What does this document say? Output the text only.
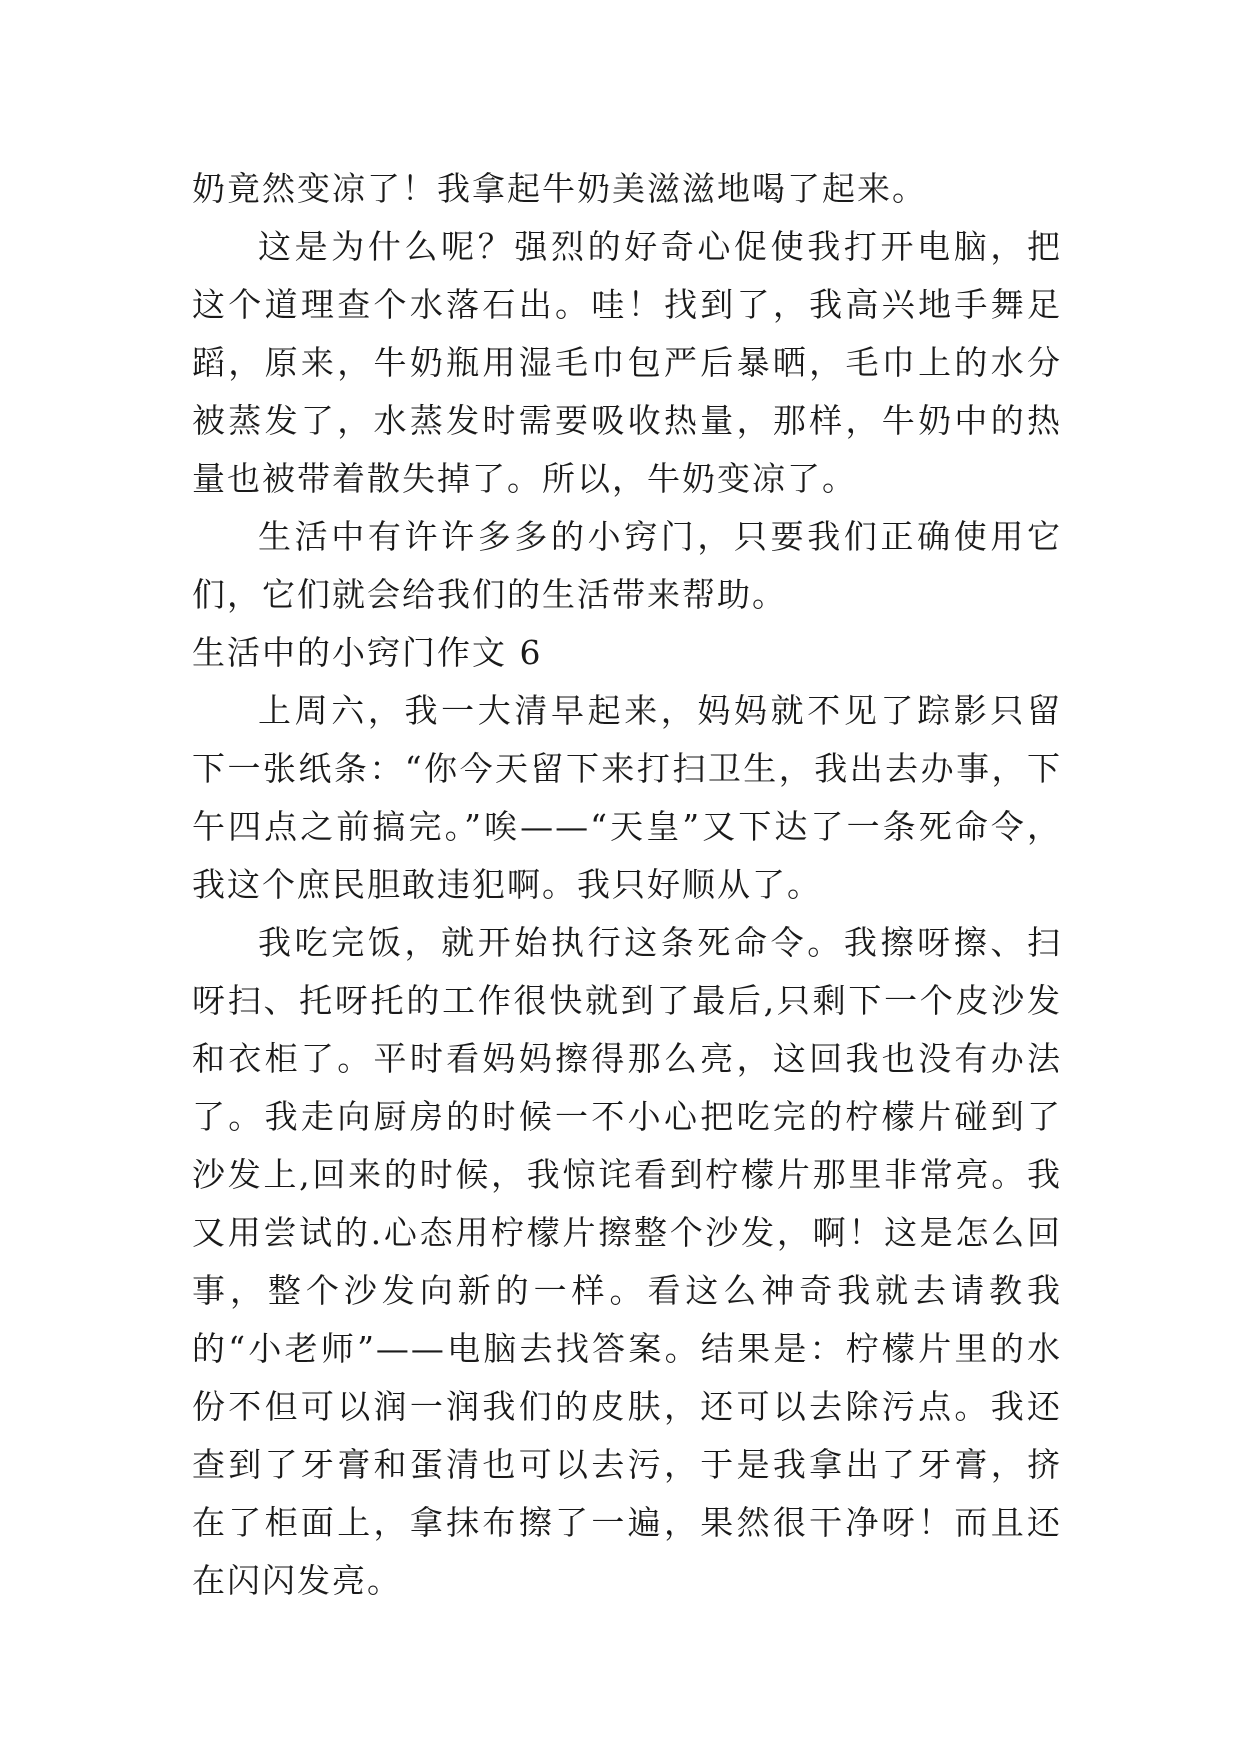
奶竟然变凉了！我拿起牛奶美滋滋地喝了起来。

这是为什么呢？强烈的好奇心促使我打开电脑，把这个道理查个水落石出。哇！找到了，我高兴地手舞足蹈，原来，牛奶瓶用湿毛巾包严后暴晒，毛巾上的水分被蒸发了，水蒸发时需要吸收热量，那样，牛奶中的热量也被带着散失掉了。所以，牛奶变凉了。

生活中有许许多多的小窍门，只要我们正确使用它们，它们就会给我们的生活带来帮助。

生活中的小窍门作文 6

上周六，我一大清早起来，妈妈就不见了踪影只留下一张纸条：“你今天留下来打扫卫生，我出去办事，下午四点之前搞完。”唉——“天皇”又下达了一条死命令，我这个庶民胆敢违犯啊。我只好顺从了。

我吃完饭，就开始执行这条死命令。我擦呀擦、扫呀扫、托呀托的工作很快就到了最后,只剩下一个皮沙发和衣柜了。平时看妈妈擦得那么亮，这回我也没有办法了。我走向厨房的时候一不小心把吃完的柠檬片碰到了沙发上,回来的时候，我惊诧看到柠檬片那里非常亮。我又用尝试的.心态用柠檬片擦整个沙发，啊！这是怎么回事，整个沙发向新的一样。看这么神奇我就去请教我的“小老师”——电脑去找答案。结果是：柠檬片里的水份不但可以润一润我们的皮肤，还可以去除污点。我还查到了牙膏和蛋清也可以去污，于是我拿出了牙膏，挤在了柜面上，拿抹布擦了一遍，果然很干净呀！而且还在闪闪发亮。
